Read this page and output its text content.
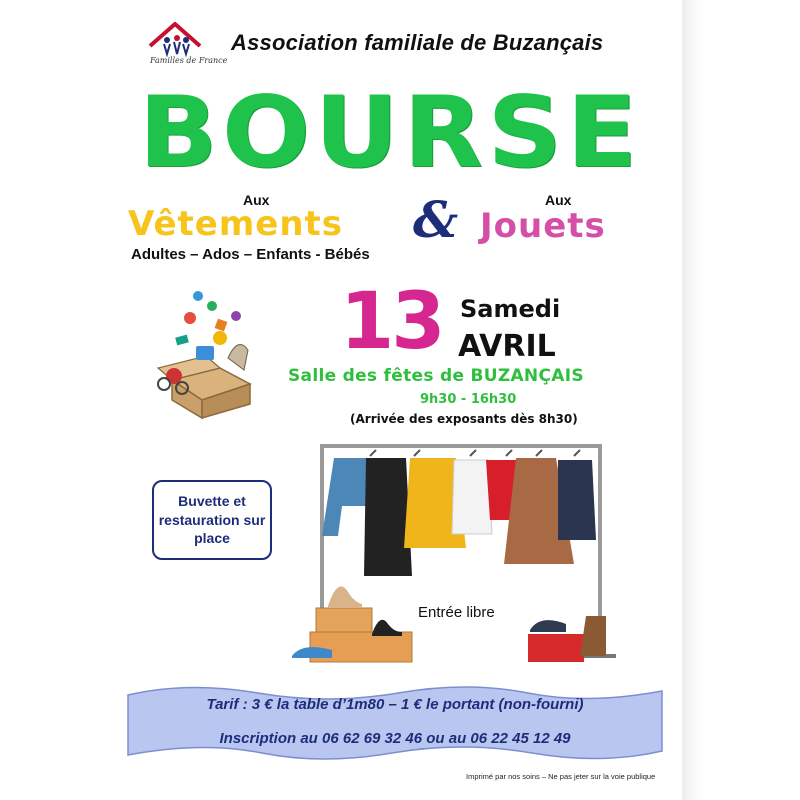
Familles de France
Association familiale de Buzançais
BOURSE
Aux	Aux
Vêtements & Jouets
Adultes – Ados – Enfants - Bébés
13 Samedi
AVRIL
Salle des fêtes de BUZANÇAIS
9h30 - 16h30
(Arrivée des exposants dès 8h30)
Buvette et restauration sur place
Entrée libre
Tarif : 3 € la table d’1m80 – 1 € le portant (non-fourni)
Inscription au 06 62 69 32 46 ou au 06 22 45 12 49
Imprimé par nos soins – Ne pas jeter sur la voie publique
